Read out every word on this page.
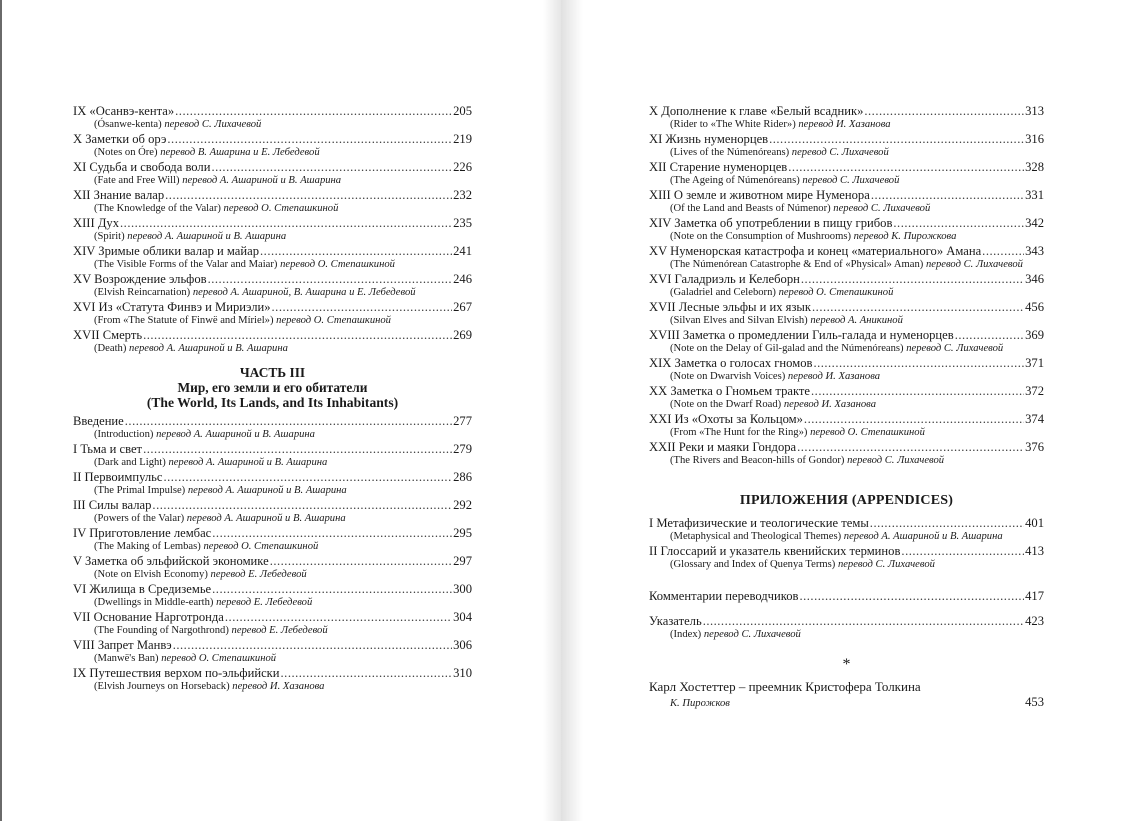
IX «Осанвэ-кента» .....	205
(Ósanwe-kenta) перевод С. Лихачевой
X Заметки об орэ .....	219
(Notes on Óre) перевод В. Ашарина и Е. Лебедевой
XI Судьба и свобода воли .....	226
(Fate and Free Will) перевод А. Ашариной и В. Ашарина
XII Знание валар .....	232
(The Knowledge of the Valar) перевод О. Степашкиной
XIII Дух .....	235
(Spirit) перевод А. Ашариной и В. Ашарина
XIV Зримые облики валар и майар .....	241
(The Visible Forms of the Valar and Maiar) перевод О. Степашкиной
XV Возрождение эльфов .....	246
(Elvish Reincarnation) перевод А. Ашариной, В. Ашарина и Е. Лебедевой
XVI Из «Статута Финвэ и Мириэли» .....	267
(From «The Statute of Finwë and Míriel») перевод О. Степашкиной
XVII Смерть .....	269
(Death) перевод А. Ашариной и В. Ашарина
ЧАСТЬ III
Мир, его земли и его обитатели
(The World, Its Lands, and Its Inhabitants)
Введение .....	277
(Introduction) перевод А. Ашариной и В. Ашарина
I Тьма и свет .....	279
(Dark and Light) перевод А. Ашариной и В. Ашарина
II Первоимпульс .....	286
(The Primal Impulse) перевод А. Ашариной и В. Ашарина
III Силы валар .....	292
(Powers of the Valar) перевод А. Ашариной и В. Ашарина
IV Приготовление лембас .....	295
(The Making of Lembas) перевод О. Степашкиной
V Заметка об эльфийской экономике .....	297
(Note on Elvish Economy) перевод Е. Лебедевой
VI Жилища в Средиземье .....	300
(Dwellings in Middle-earth) перевод Е. Лебедевой
VII Основание Нарготронда .....	304
(The Founding of Nargothrond) перевод Е. Лебедевой
VIII Запрет Манвэ .....	306
(Manwë's Ban) перевод О. Степашкиной
IX Путешествия верхом по-эльфийски .....	310
(Elvish Journeys on Horseback) перевод И. Хазанова
X Дополнение к главе «Белый всадник» .....	313
(Rider to «The White Rider») перевод И. Хазанова
XI Жизнь нуменорцев .....	316
(Lives of the Númenóreans) перевод С. Лихачевой
XII Старение нуменорцев .....	328
(The Ageing of Númenóreans) перевод С. Лихачевой
XIII О земле и животном мире Нуменора .....	331
(Of the Land and Beasts of Númenor) перевод С. Лихачевой
XIV Заметка об употреблении в пищу грибов .....	342
(Note on the Consumption of Mushrooms) перевод К. Пирожкова
XV Нуменорская катастрофа и конец «материального» Амана .....	343
(The Númenórean Catastrophe & End of «Physical» Aman) перевод С. Лихачевой
XVI Галадриэль и Келеборн .....	346
(Galadriel and Celeborn) перевод О. Степашкиной
XVII Лесные эльфы и их язык .....	456
(Silvan Elves and Silvan Elvish) перевод А. Аникиной
XVIII Заметка о промедлении Гиль-галада и нуменорцев .....	369
(Note on the Delay of Gil-galad and the Númenóreans) перевод С. Лихачевой
XIX Заметка о голосах гномов .....	371
(Note on Dwarvish Voices) перевод И. Хазанова
XX Заметка о Гномьем тракте .....	372
(Note on the Dwarf Road) перевод И. Хазанова
XXI Из «Охоты за Кольцом» .....	374
(From «The Hunt for the Ring») перевод О. Степашкиной
XXII Реки и маяки Гондора .....	376
(The Rivers and Beacon-hills of Gondor) перевод С. Лихачевой
ПРИЛОЖЕНИЯ (APPENDICES)
I Метафизические и теологические темы .....	401
(Metaphysical and Theological Themes) перевод А. Ашариной и В. Ашарина
II Глоссарий и указатель квенийских терминов .....	413
(Glossary and Index of Quenya Terms) перевод С. Лихачевой
Комментарии переводчиков .....	417
Указатель .....	423
(Index) перевод С. Лихачевой
*
Карл Хостеттер – преемник Кристофера Толкина
К. Пирожков	453
